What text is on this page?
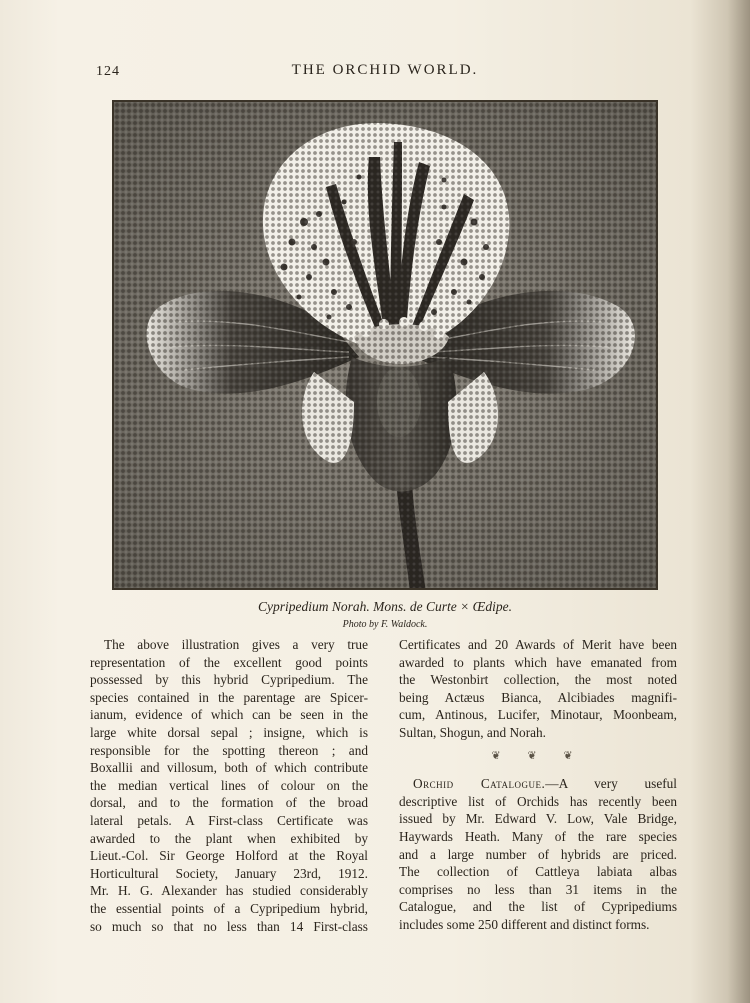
124	THE ORCHID WORLD.
Cypripedium Norah. Mons. de Curte × Œdipe.
Photo by F. Waldock.
The above illustration gives a very true
representation of the excellent good points
possessed by this hybrid Cypripedium. The
species contained in the parentage are Spicer-
ianum, evidence of which can be seen in the
large white dorsal sepal ; insigne, which is
responsible for the spotting thereon ; and
Boxallii and villosum, both of which contribute
the median vertical lines of colour on the
dorsal, and to the formation of the broad
lateral petals. A First-class Certificate was
awarded to the plant when exhibited by
Lieut.-Col. Sir George Holford at the Royal
Horticultural Society, January 23rd, 1912.
Mr. H. G. Alexander has studied considerably
the essential points of a Cypripedium hybrid,
so much so that no less than 14 First-class
Certificates and 20 Awards of Merit have been
awarded to plants which have emanated from
the Westonbirt collection, the most noted
being Actæus Bianca, Alcibiades magnifi-
cum, Antinous, Lucifer, Minotaur, Moonbeam,
Sultan, Shogun, and Norah.
❦ ❦ ❦
Orchid Catalogue.—A very useful
descriptive list of Orchids has recently been
issued by Mr. Edward V. Low, Vale Bridge,
Haywards Heath. Many of the rare species
and a large number of hybrids are priced.
The collection of Cattleya labiata albas
comprises no less than 31 items in the
Catalogue, and the list of Cypripediums
includes some 250 different and distinct forms.
